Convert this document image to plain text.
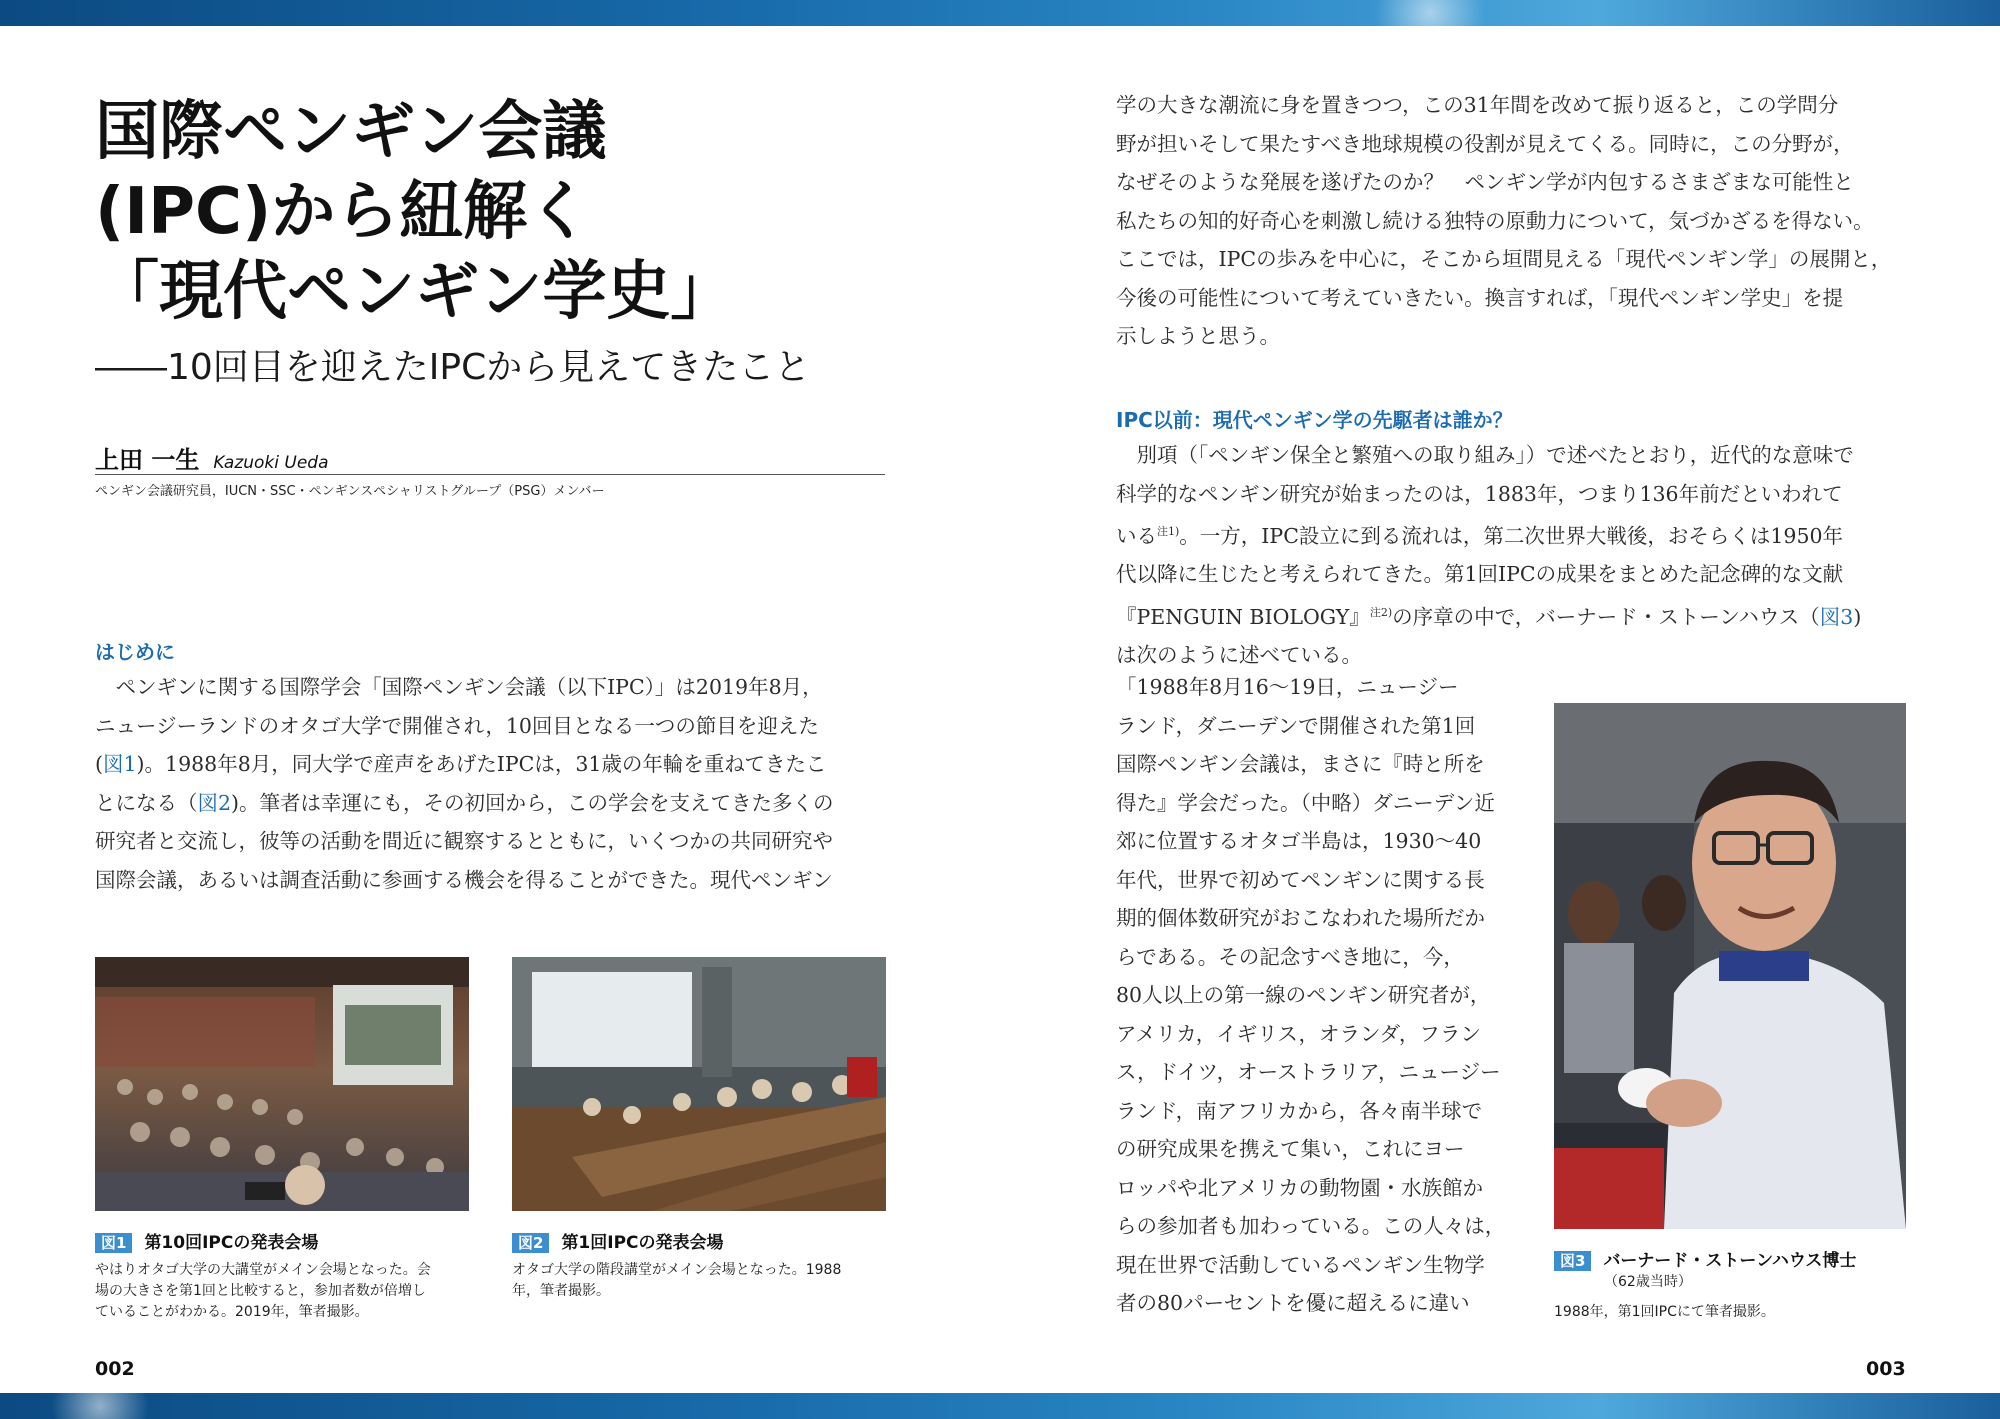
国際ペンギン会議
(IPC)から紐解く
「現代ペンギン学史」
――10回目を迎えたIPCから見えてきたこと
上田 一生 Kazuoki Ueda
ペンギン会議研究員，IUCN・SSC・ペンギンスペシャリストグループ（PSG）メンバー
はじめに
　ペンギンに関する国際学会「国際ペンギン会議（以下IPC）」は2019年8月，
ニュージーランドのオタゴ大学で開催され，10回目となる一つの節目を迎えた
(図1)。1988年8月，同大学で産声をあげたIPCは，31歳の年輪を重ねてきたこ
とになる（図2)。筆者は幸運にも，その初回から，この学会を支えてきた多くの
研究者と交流し，彼等の活動を間近に観察するとともに，いくつかの共同研究や
国際会議，あるいは調査活動に参画する機会を得ることができた。現代ペンギン
図1 第10回IPCの発表会場
やはりオタゴ大学の大講堂がメイン会場となった。会
場の大きさを第1回と比較すると，参加者数が倍増し
ていることがわかる。2019年，筆者撮影。
図2 第1回IPCの発表会場
オタゴ大学の階段講堂がメイン会場となった。1988
年，筆者撮影。
学の大きな潮流に身を置きつつ，この31年間を改めて振り返ると，この学問分
野が担いそして果たすべき地球規模の役割が見えてくる。同時に，この分野が，
なぜそのような発展を遂げたのか？　ペンギン学が内包するさまざまな可能性と
私たちの知的好奇心を刺激し続ける独特の原動力について，気づかざるを得ない。
ここでは，IPCの歩みを中心に，そこから垣間見える「現代ペンギン学」の展開と，
今後の可能性について考えていきたい。換言すれば，「現代ペンギン学史」を提
示しようと思う。
IPC以前：現代ペンギン学の先駆者は誰か？
　別項（「ペンギン保全と繁殖への取り組み」）で述べたとおり，近代的な意味で
科学的なペンギン研究が始まったのは，1883年，つまり136年前だといわれて
いる$^{注1)}$。一方，IPC設立に到る流れは，第二次世界大戦後，おそらくは1950年
代以降に生じたと考えられてきた。第1回IPCの成果をまとめた記念碑的な文献
『PENGUIN BIOLOGY』$^{注2)}$の序章の中で，バーナード・ストーンハウス（図3)
は次のように述べている。
「1988年8月16〜19日，ニュージー
ランド，ダニーデンで開催された第1回
国際ペンギン会議は，まさに『時と所を
得た』学会だった。（中略）ダニーデン近
郊に位置するオタゴ半島は，1930〜40
年代，世界で初めてペンギンに関する長
期的個体数研究がおこなわれた場所だか
らである。その記念すべき地に，今，
80人以上の第一線のペンギン研究者が，
アメリカ，イギリス，オランダ，フラン
ス，ドイツ，オーストラリア，ニュージー
ランド，南アフリカから，各々南半球で
の研究成果を携えて集い，これにヨー
ロッパや北アメリカの動物園・水族館か
らの参加者も加わっている。この人々は，
現在世界で活動しているペンギン生物学
者の80パーセントを優に超えるに違い
図3 バーナード・ストーンハウス博士
（62歳当時）
1988年，第1回IPCにて筆者撮影。
002	003
